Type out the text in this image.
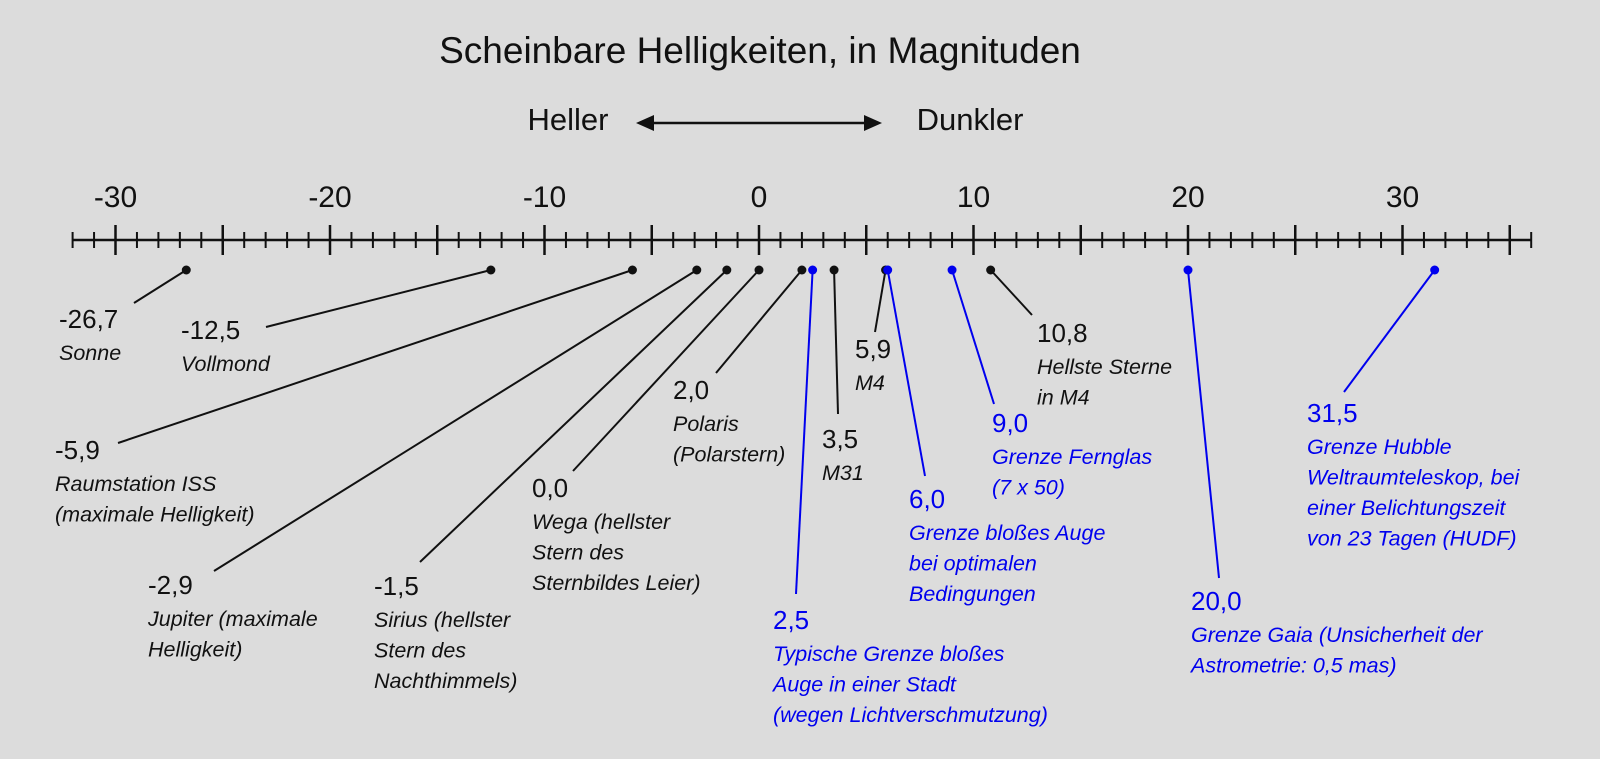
Scheinbare Helligkeiten, in Magnituden
Heller	Dunkler
-30	-20	-10	0	10	20	30
-26,7
Sonne
-12,5
Vollmond
-5,9
Raumstation ISS
(maximale Helligkeit)
-2,9
Jupiter (maximale
Helligkeit)
-1,5
Sirius (hellster
Stern des
Nachthimmels)
0,0
Wega (hellster
Stern des
Sternbildes Leier)
2,0
Polaris
(Polarstern)
2,5
Typische Grenze bloßes
Auge in einer Stadt
(wegen Lichtverschmutzung)
3,5
M31
5,9
M4
6,0
Grenze bloßes Auge
bei optimalen
Bedingungen
9,0
Grenze Fernglas
(7 x 50)
10,8
Hellste Sterne
in M4
20,0
Grenze Gaia (Unsicherheit der
Astrometrie: 0,5 mas)
31,5
Grenze Hubble
Weltraumteleskop, bei
einer Belichtungszeit
von 23 Tagen (HUDF)
